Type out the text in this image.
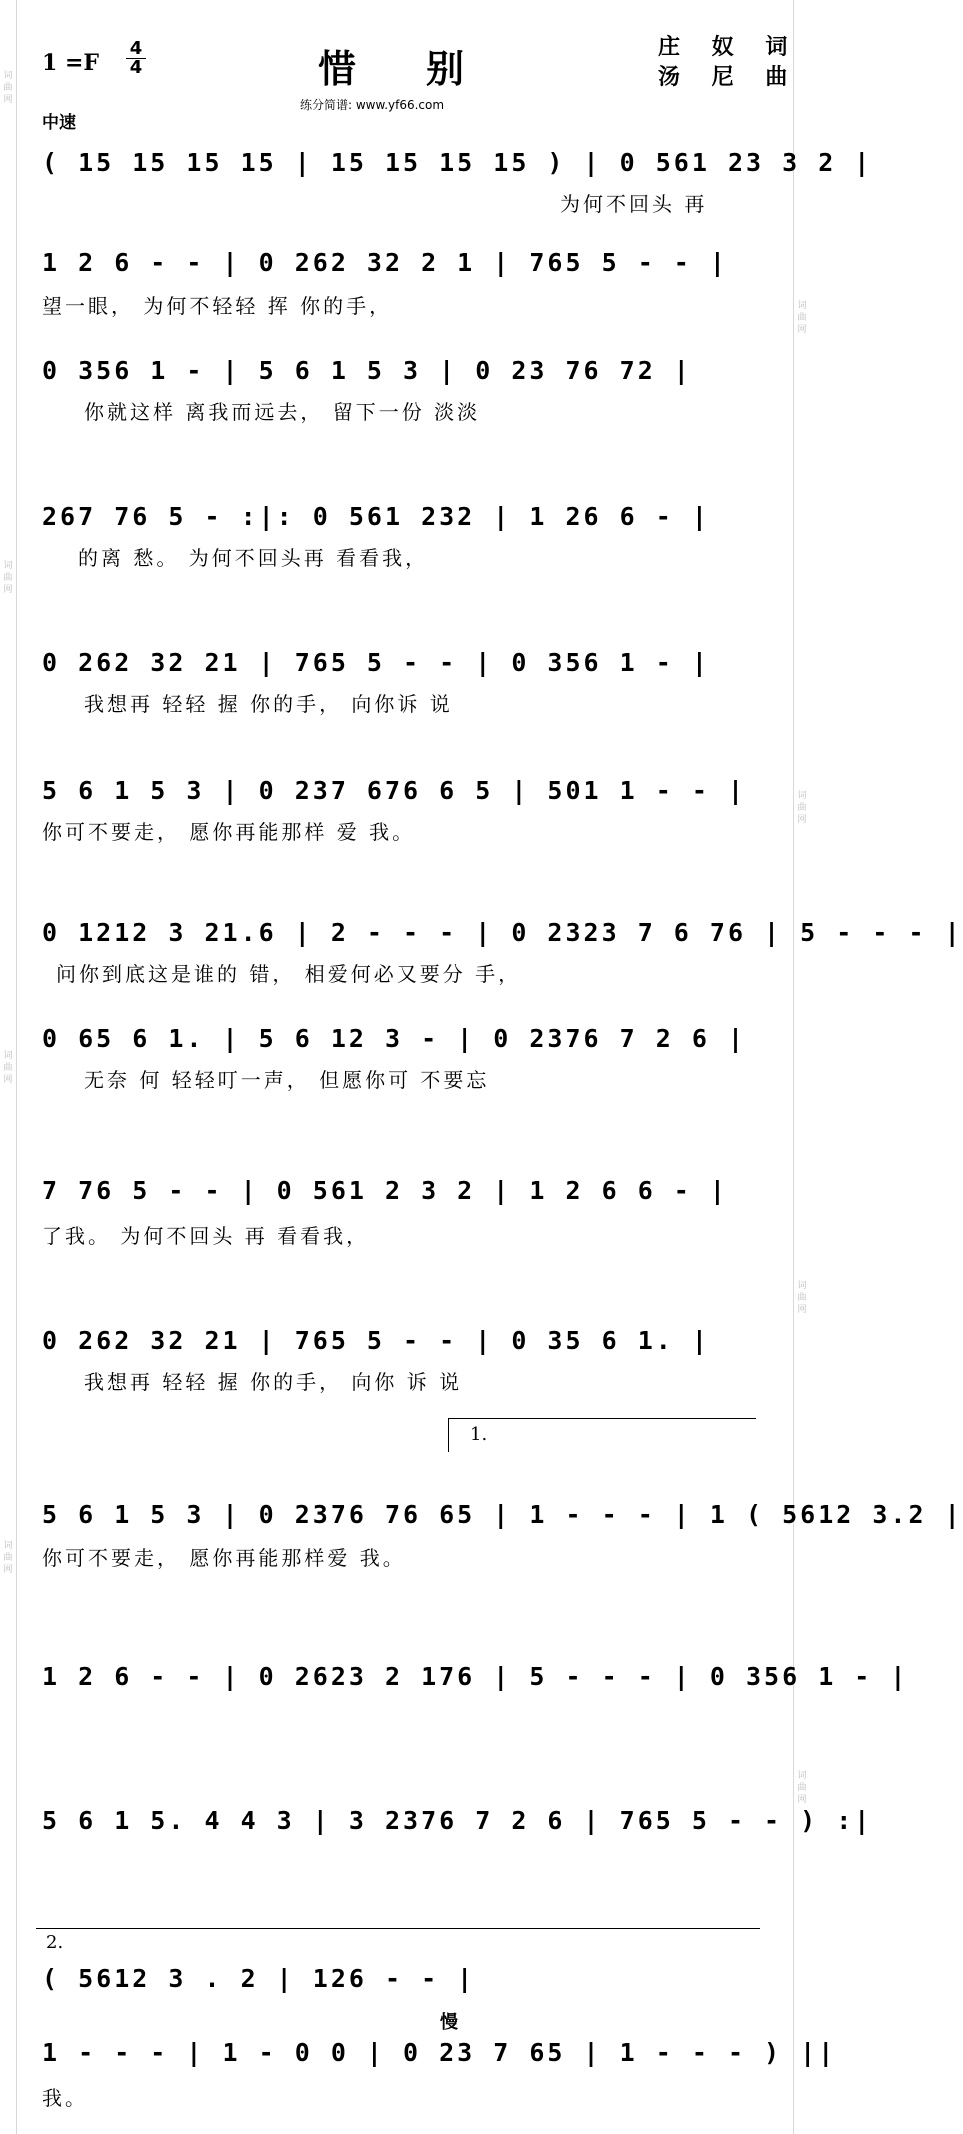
词曲网
词曲网
词曲网
词曲网
词曲网
词曲网
词曲网
词曲网
1 =F
4
4	惜别	庄 奴 词
汤 尼 曲
练分简谱: www.yf66.com
中速
( 15 15 15 15 | 15 15 15 15 ) | 0 561 23 3 2 |
为何不回头 再
1 2 6 - - | 0 262 32 2 1 | 765 5 - - |
望一眼， 为何不轻轻 挥 你的手，
0 356 1 - | 5 6 1 5 3 | 0 23 76 72 |
你就这样 离我而远去， 留下一份 淡淡
267 76 5 - :|: 0 561 232 | 1 26 6 - |
的离 愁。 为何不回头再 看看我，
0 262 32 21 | 765 5 - - | 0 356 1 - |
我想再 轻轻 握 你的手， 向你诉 说
5 6 1 5 3 | 0 237 676 6 5 | 501 1 - - |
你可不要走， 愿你再能那样 爱 我。
0 1212 3 21.6 | 2 - - - | 0 2323 7 6 76 | 5 - - - |
问你到底这是谁的 错， 相爱何必又要分 手，
0 65 6 1. | 5 6 12 3 - | 0 2376 7 2 6 |
无奈 何 轻轻叮一声， 但愿你可 不要忘
7 76 5 - - | 0 561 2 3 2 | 1 2 6 6 - |
了我。 为何不回头 再 看看我，
0 262 32 21 | 765 5 - - | 0 35 6 1. |
我想再 轻轻 握 你的手， 向你 诉 说
1.
5 6 1 5 3 | 0 2376 76 65 | 1 - - - | 1 ( 5612 3.2 |
你可不要走， 愿你再能那样爱 我。
1 2 6 - - | 0 2623 2 176 | 5 - - - | 0 356 1 - |
5 6 1 5. 4 4 3 | 3 2376 7 2 6 | 765 5 - - ) :|
2.
( 5612 3 . 2 | 126 - - |
慢
1 - - - | 1 - 0 0 | 0 23 7 65 | 1 - - - ) ||
我。
